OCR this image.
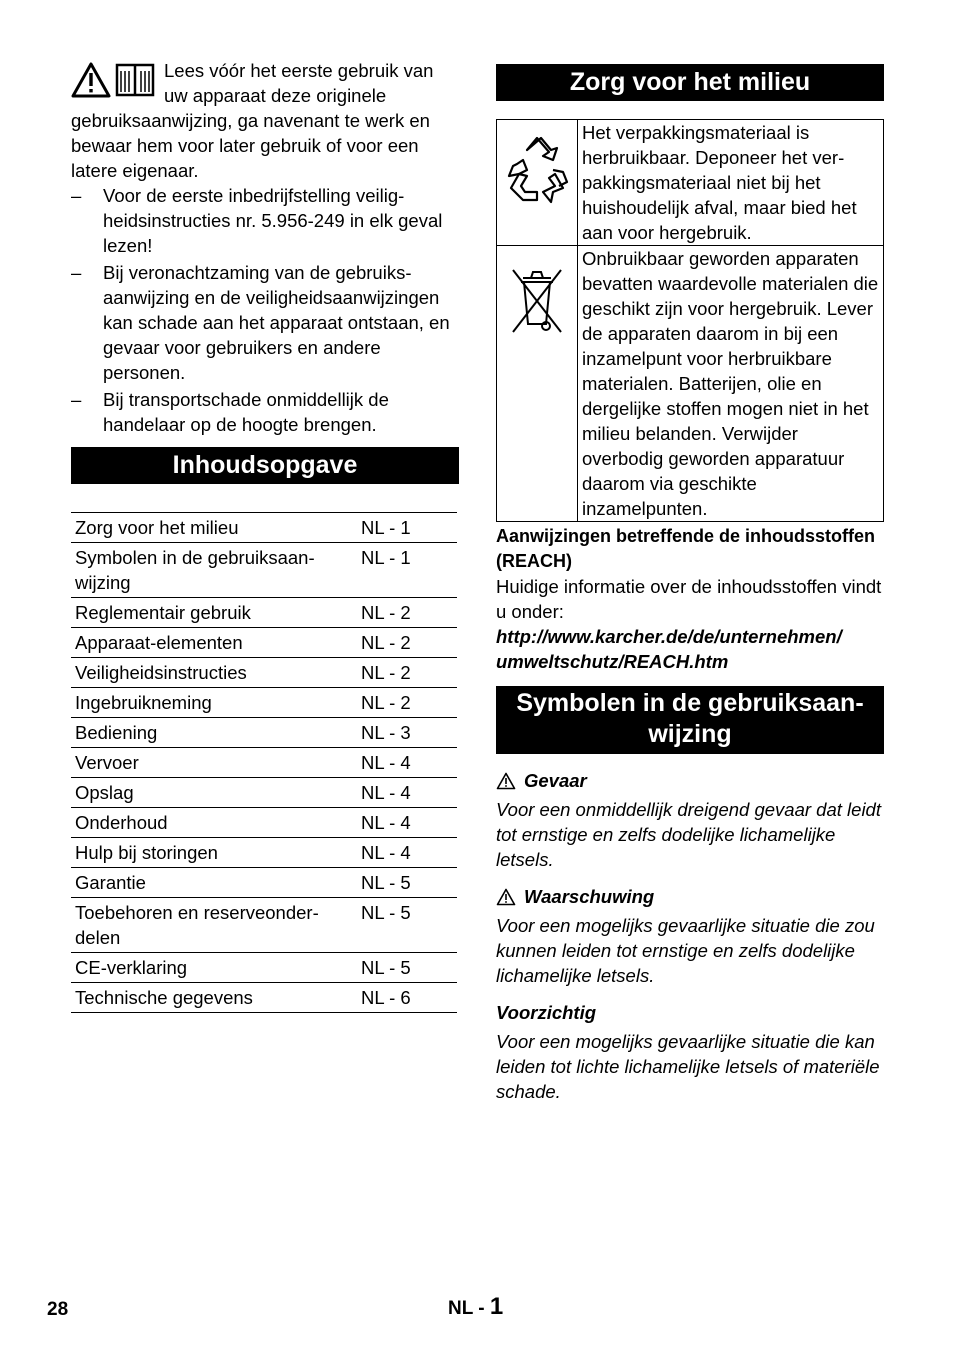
Lees vóór het eerste gebruik van uw apparaat deze originele gebruiksaanwijzing, ga navenant te werk en bewaar hem voor later gebruik of voor een latere eigenaar.

– Voor de eerste inbedrijfstelling veiligheidsinstructies nr. 5.956-249 in elk geval lezen!
– Bij veronachtzaming van de gebruiksaanwijzing en de veiligheidsaanwijzingen kan schade aan het apparaat ontstaan, en gevaar voor gebruikers en andere personen.
– Bij transportschade onmiddellijk de handelaar op de hoogte brengen.
Inhoudsopgave
Zorg voor het milieu	NL - 1
Symbolen in de gebruiksaanwijzing	NL - 1
Reglementair gebruik	NL - 2
Apparaat-elementen	NL - 2
Veiligheidsinstructies	NL - 2
Ingebruikneming	NL - 2
Bediening	NL - 3
Vervoer	NL - 4
Opslag	NL - 4
Onderhoud	NL - 4
Hulp bij storingen	NL - 4
Garantie	NL - 5
Toebehoren en reserveonderdelen	NL - 5
CE-verklaring	NL - 5
Technische gegevens	NL - 6
Zorg voor het milieu
	Het verpakkingsmateriaal is herbruikbaar. Deponeer het verpakkingsmateriaal niet bij het huishoudelijk afval, maar bied het aan voor hergebruik.
	Onbruikbaar geworden apparaten bevatten waardevolle materialen die geschikt zijn voor hergebruik. Lever de apparaten daarom in bij een inzamelpunt voor herbruikbare materialen. Batterijen, olie en dergelijke stoffen mogen niet in het milieu belanden. Verwijder overbodig geworden apparatuur daarom via geschikte inzamelpunten.

Aanwijzingen betreffende de inhoudsstoffen (REACH)

Huidige informatie over de inhoudsstoffen vindt u onder:

http://www.karcher.de/de/unternehmen/ umweltschutz/REACH.htm

Symbolen in de gebruiksaanwijzing
Gevaar

Voor een onmiddellijk dreigend gevaar dat leidt tot ernstige en zelfs dodelijke lichamelijke letsels.

Waarschuwing

Voor een mogelijks gevaarlijke situatie die zou kunnen leiden tot ernstige en zelfs dodelijke lichamelijke letsels.

Voorzichtig

Voor een mogelijks gevaarlijke situatie die kan leiden tot lichte lichamelijke letsels of materiële schade.

28	NL - 1
